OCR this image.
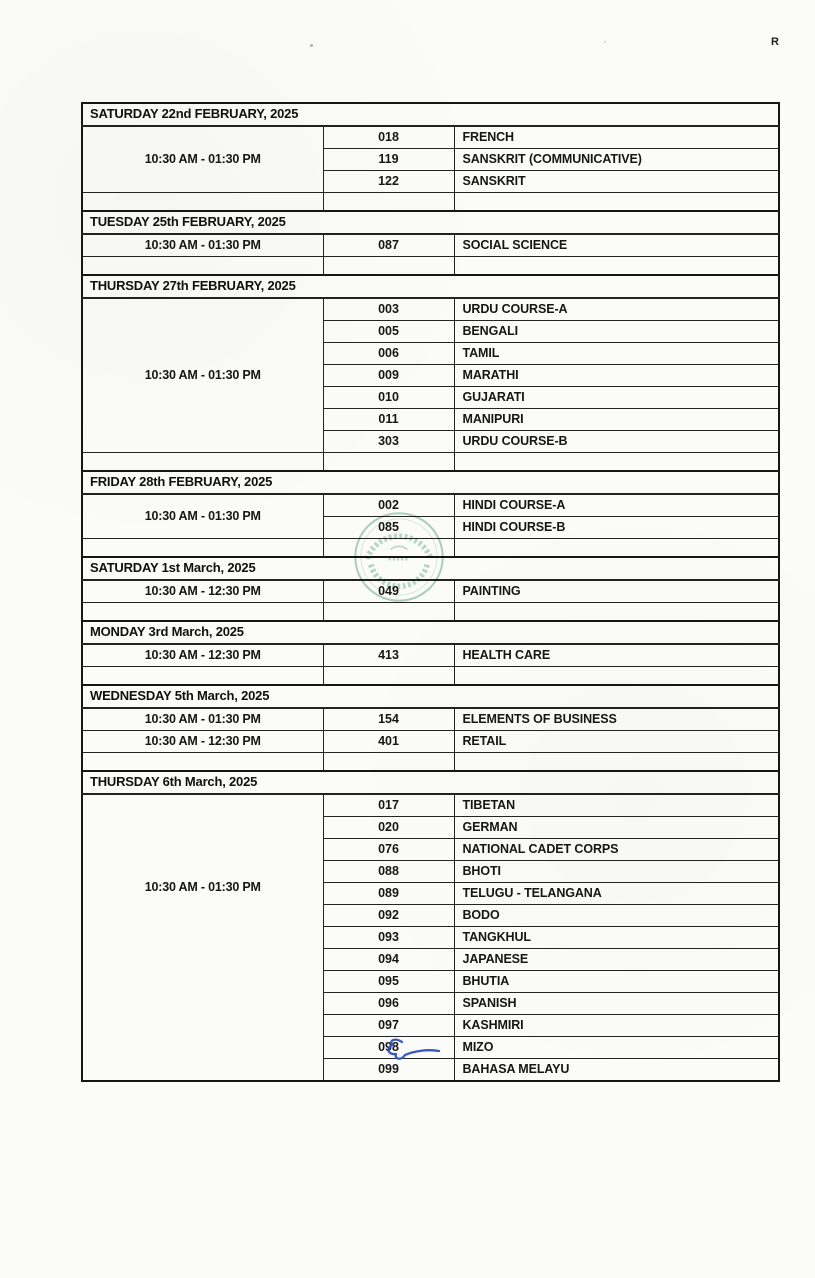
R
SATURDAY 22nd FEBRUARY, 2025		
10:30 AM - 01:30 PM	018	FRENCH
	119	SANSKRIT (COMMUNICATIVE)
	122	SANSKRIT

TUESDAY 25th FEBRUARY, 2025		
10:30 AM - 01:30 PM	087	SOCIAL SCIENCE

THURSDAY 27th FEBRUARY, 2025		
10:30 AM - 01:30 PM	003	URDU COURSE-A
	005	BENGALI
	006	TAMIL
	009	MARATHI
	010	GUJARATI
	011	MANIPURI
	303	URDU COURSE-B

FRIDAY 28th FEBRUARY, 2025		
10:30 AM - 01:30 PM	002	HINDI COURSE-A
	085	HINDI COURSE-B

SATURDAY 1st March, 2025		
10:30 AM - 12:30 PM	049	PAINTING

MONDAY 3rd March, 2025		
10:30 AM - 12:30 PM	413	HEALTH CARE

WEDNESDAY 5th March, 2025		
10:30 AM - 01:30 PM	154	ELEMENTS OF BUSINESS
10:30 AM - 12:30 PM	401	RETAIL

THURSDAY 6th March, 2025		
10:30 AM - 01:30 PM	017	TIBETAN
	020	GERMAN
	076	NATIONAL CADET CORPS
	088	BHOTI
	089	TELUGU - TELANGANA
	092	BODO
	093	TANGKHUL
	094	JAPANESE
	095	BHUTIA
	096	SPANISH
	097	KASHMIRI
	098	MIZO
	099	BAHASA MELAYU
